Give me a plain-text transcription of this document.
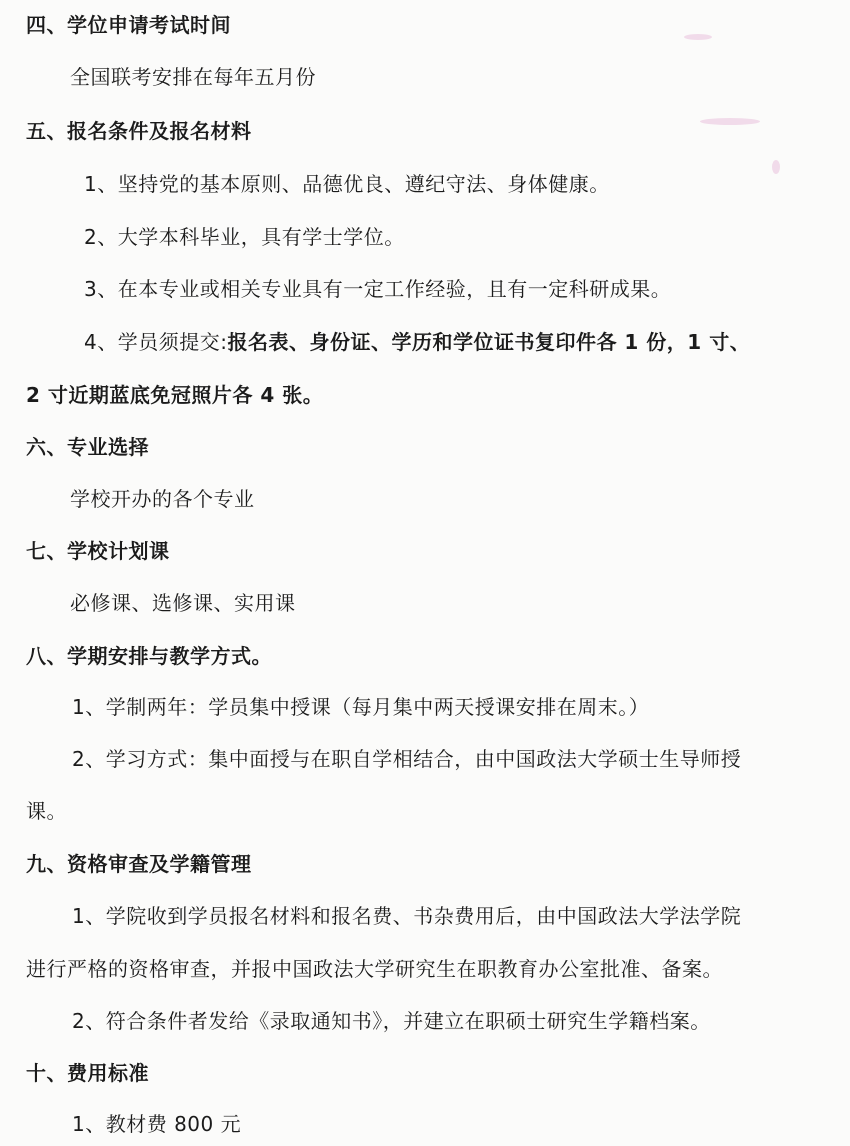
四、学位申请考试时间
全国联考安排在每年五月份
五、报名条件及报名材料
1、坚持党的基本原则、品德优良、遵纪守法、身体健康。
2、大学本科毕业，具有学士学位。
3、在本专业或相关专业具有一定工作经验，且有一定科研成果。
4、学员须提交:报名表、身份证、学历和学位证书复印件各 1 份，1 寸、
2 寸近期蓝底免冠照片各 4 张。
六、专业选择
学校开办的各个专业
七、学校计划课
必修课、选修课、实用课
八、学期安排与教学方式。
1、学制两年：学员集中授课（每月集中两天授课安排在周末。）
2、学习方式：集中面授与在职自学相结合，由中国政法大学硕士生导师授
课。
九、资格审查及学籍管理
1、学院收到学员报名材料和报名费、书杂费用后，由中国政法大学法学院
进行严格的资格审查，并报中国政法大学研究生在职教育办公室批准、备案。
2、符合条件者发给《录取通知书》，并建立在职硕士研究生学籍档案。
十、费用标准
1、教材费 800 元
